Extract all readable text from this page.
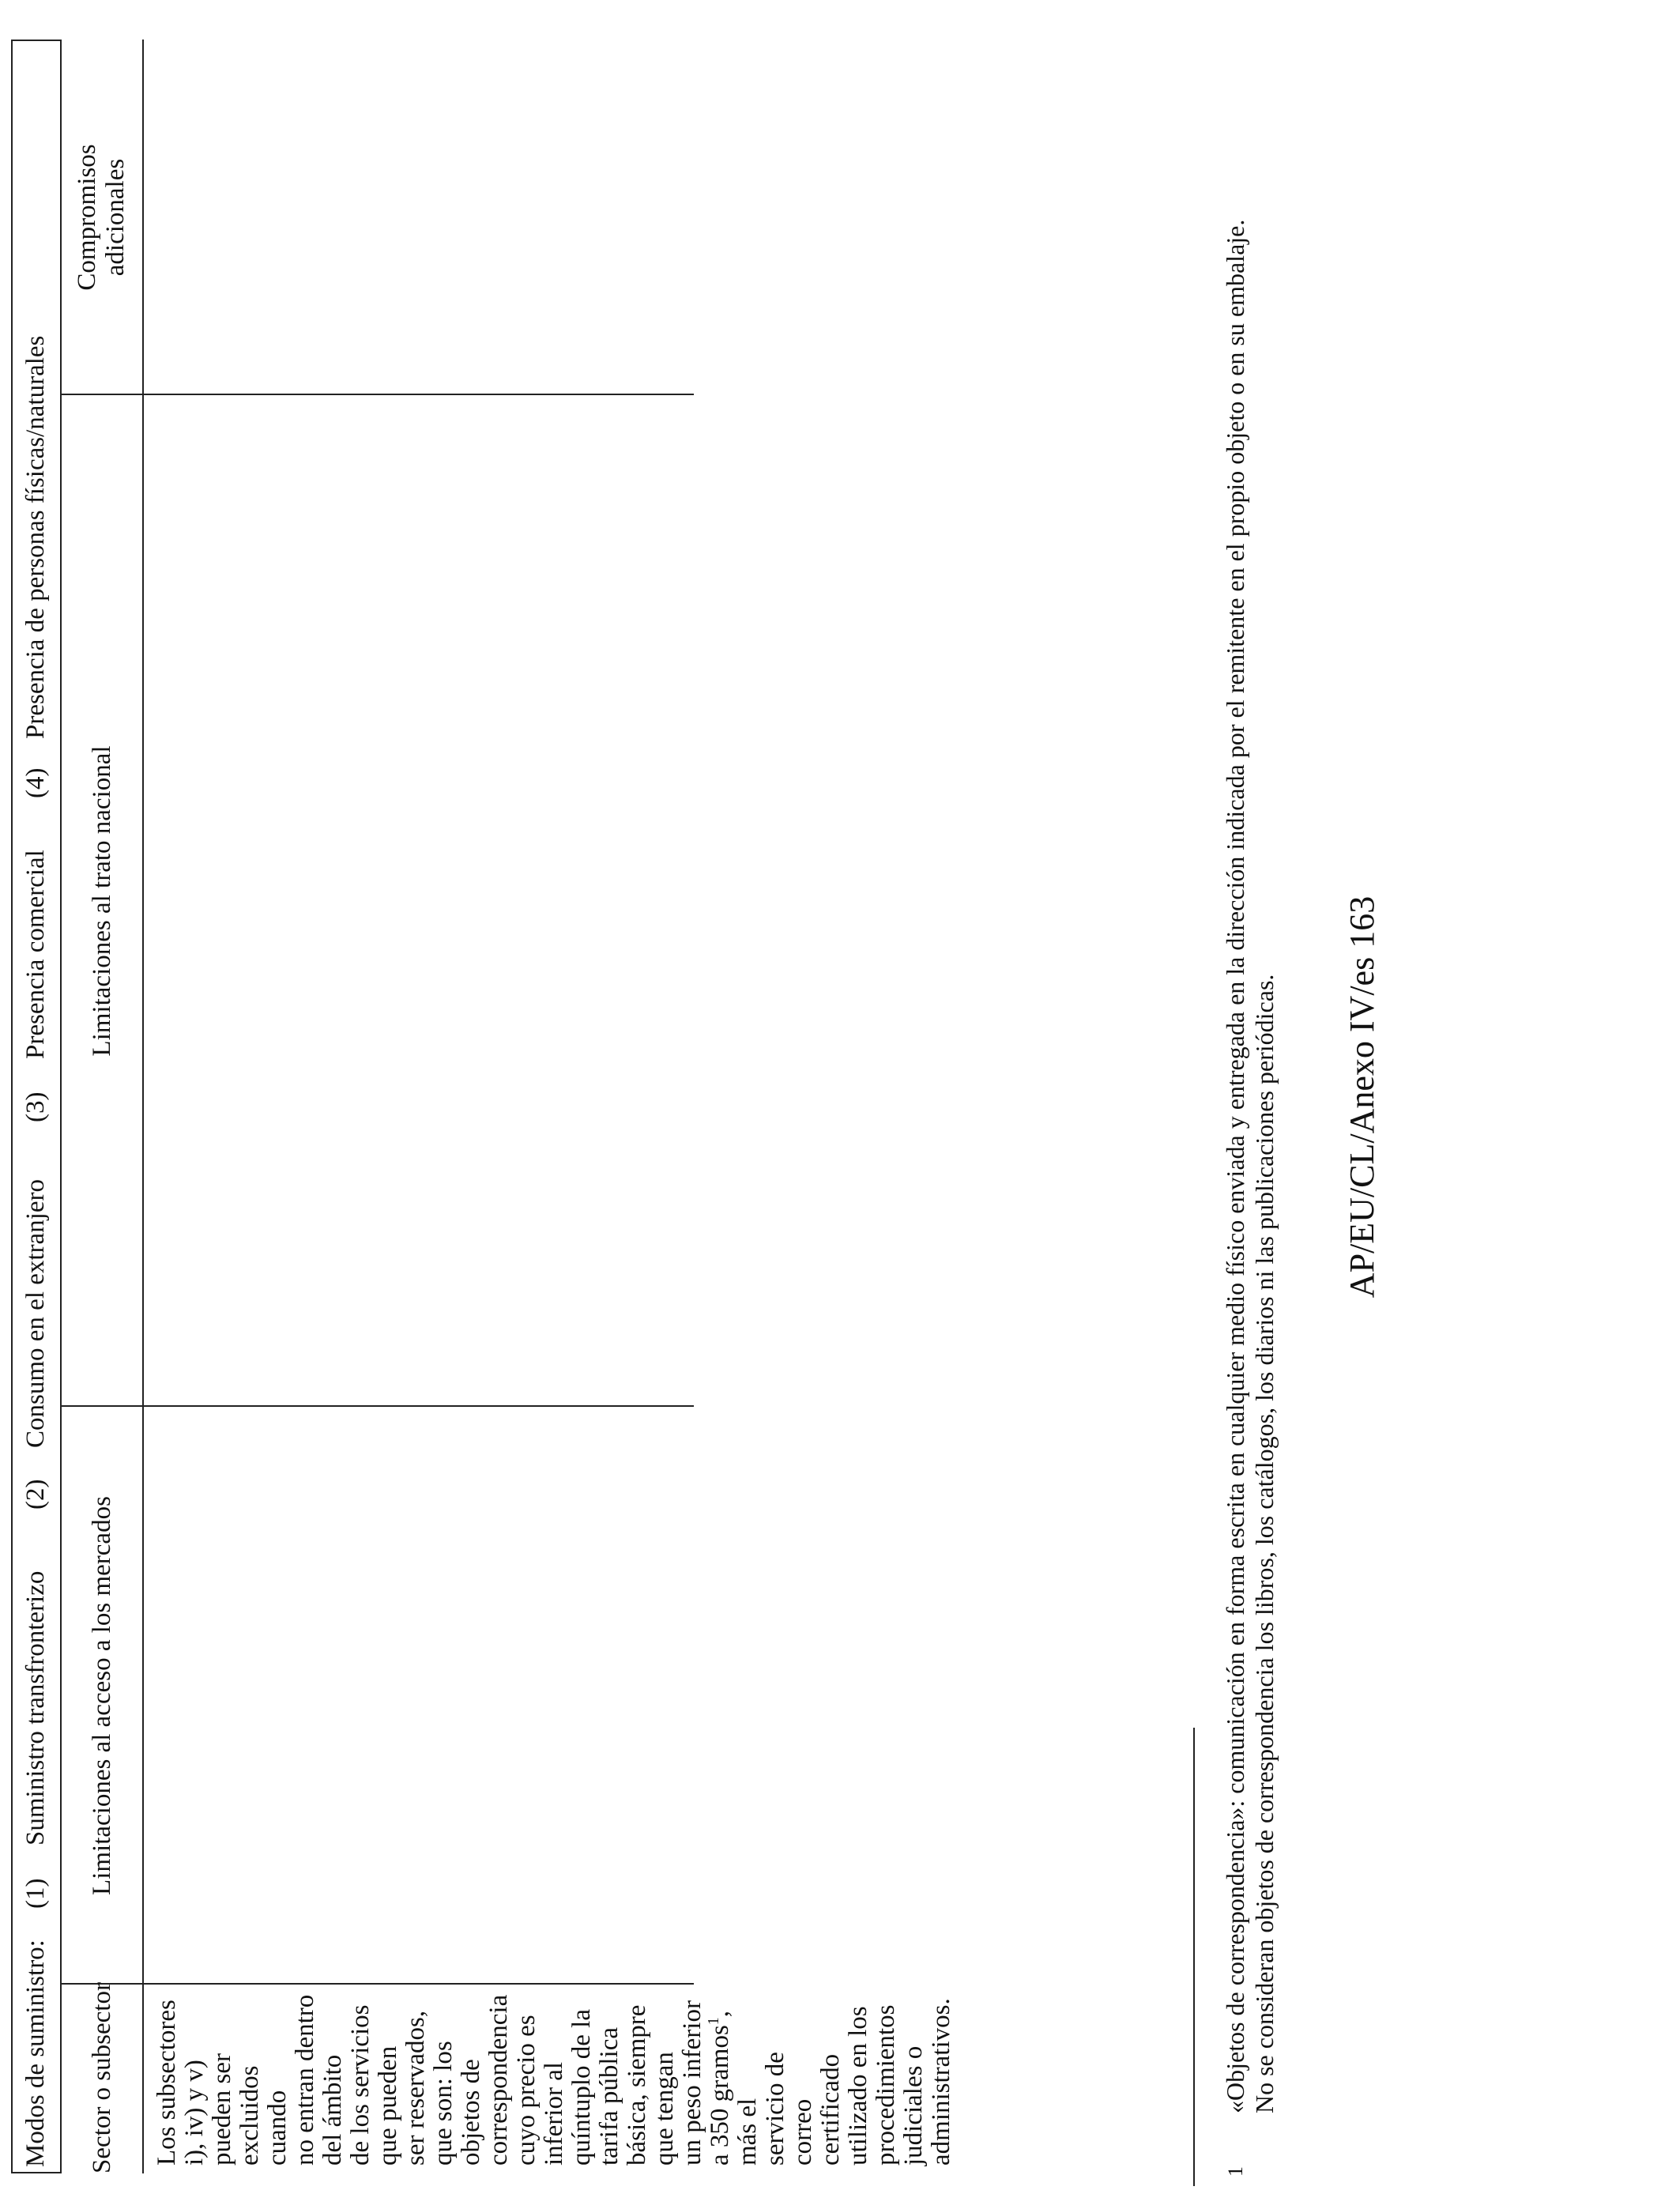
Modos de suministro:
(1)
Suministro transfronterizo
(2)
Consumo en el extranjero
(3)
Presencia comercial
(4)
Presencia de personas físicas/naturales
Sector o subsector
Limitaciones al acceso a los mercados
Limitaciones al trato nacional
Compromisos
adicionales
Los subsectores i), iv) y v)
pueden ser excluidos cuando
no entran dentro del ámbito
de los servicios que pueden
ser reservados, que son: los
objetos de correspondencia
cuyo precio es inferior al
quíntuplo de la tarifa pública
básica, siempre que tengan
un peso inferior
a 350 gramos$^1$, más el
servicio de correo
certificado utilizado en los
procedimientos judiciales o
administrativos.
1
«Objetos de correspondencia»: comunicación en forma escrita en cualquier medio físico enviada y entregada en la dirección indicada por el remitente en el propio objeto o en su embalaje. No se consideran objetos de correspondencia los libros, los catálogos, los diarios ni las publicaciones periódicas. AP/EU/CL/Anexo IV/es 163
